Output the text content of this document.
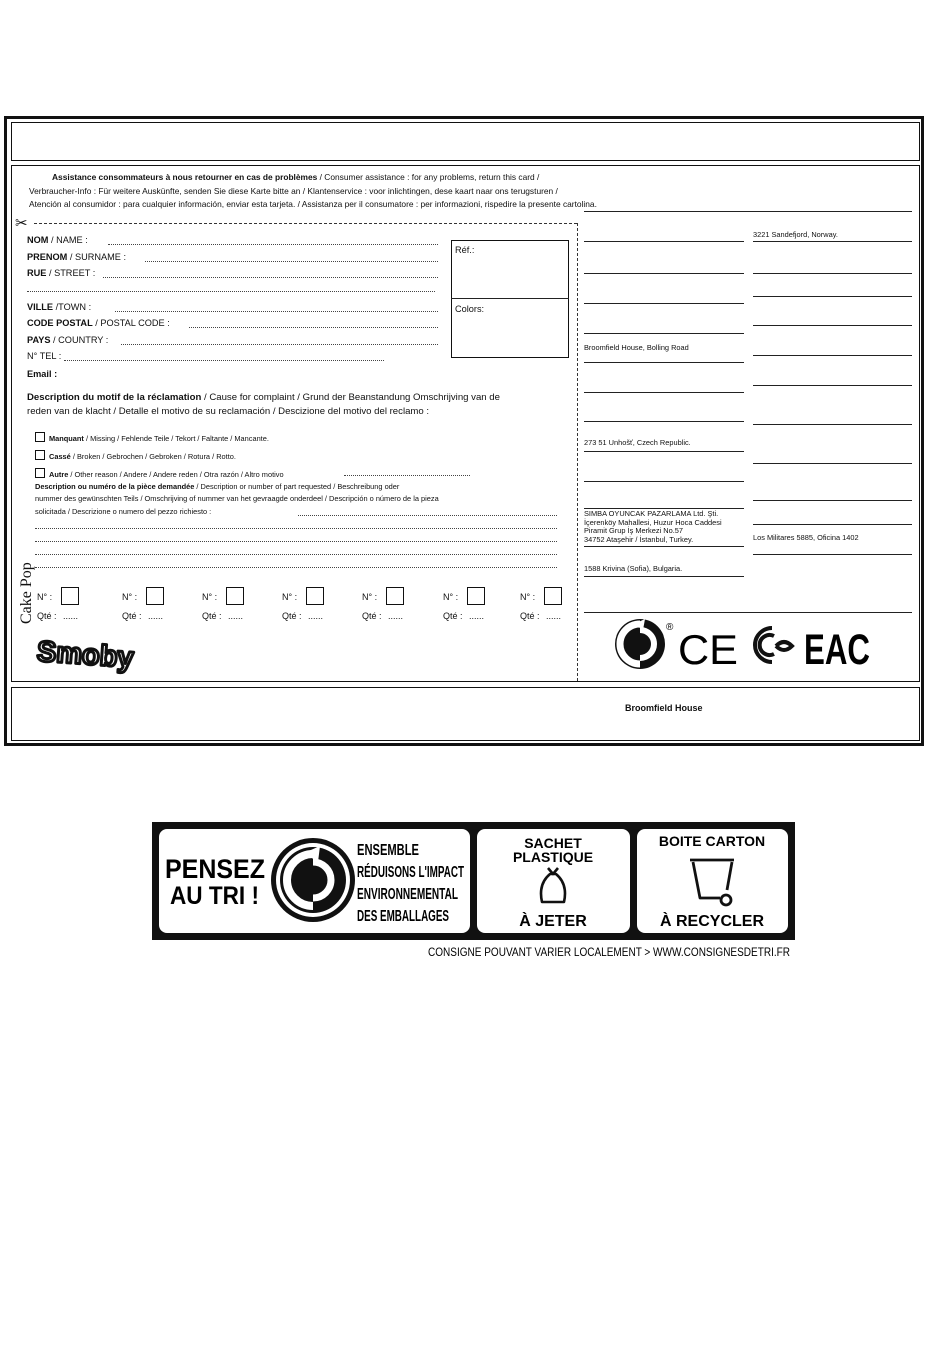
Broomfield House
Assistance consommateurs à nous retourner en cas de problèmes / Consumer assistance : for any problems, return this card /
Verbraucher-Info : Für weitere Auskünfte, senden Sie diese Karte bitte an / Klantenservice : voor inlichtingen, dese kaart naar ons terugsturen /
Atención al consumidor : para cualquier información, enviar esta tarjeta. / Assistanza per il consumatore : per informazioni, rispedire la presente cartolina.
✂
NOM / NAME :
PRENOM / SURNAME :
RUE / STREET :
VILLE /TOWN :
CODE POSTAL / POSTAL CODE :
PAYS / COUNTRY :
N° TEL :
Email :
Réf.:
Colors:
Description du motif de la réclamation / Cause for complaint / Grund der Beanstandung Omschrijving van de
reden van de klacht / Detalle el motivo de su reclamación / Descizione del motivo del reclamo :
Manquant / Missing / Fehlende Teile / Tekort / Faltante / Mancante.
Cassé / Broken / Gebrochen / Gebroken / Rotura / Rotto.
Autre / Other reason / Andere / Andere reden / Otra razón / Altro motivo
Description ou numéro de la pièce demandée / Description or number of part requested / Beschreibung oder
nummer des gewünschten Teils / Omschrijving of nummer van het gevraagde onderdeel / Descripción o número de la pieza
solicitada / Descrizione o numero del pezzo richiesto :
Cake Pop N° :
Qté : ......
N° :
Qté : ......
N° :
Qté : ......
N° :
Qté : ......
N° :
Qté : ......
N° :
Qté : ......
N° :
Qté : ......
Smoby
3221 Sandefjord, Norway.
Broomfield House, Bolling Road
273 51 Unhošť, Czech Republic.
SIMBA OYUNCAK PAZARLAMA Ltd. Şti.
İçerenköy Mahallesi, Huzur Hoca Caddesi
Piramit Grup İş Merkezi No.57
34752 Ataşehir / İstanbul, Turkey.	Los Militares 5885, Oficina 1402
1588 Krivina (Sofia), Bulgaria.
® CE EAC
PENSEZ
AU TRI !
ENSEMBLE
RÉDUISONS L'IMPACT
ENVIRONNEMENTAL
DES EMBALLAGES
SACHET
PLASTIQUE
À JETER
BOITE CARTON
À RECYCLER
CONSIGNE POUVANT VARIER LOCALEMENT > WWW.CONSIGNESDETRI.FR
